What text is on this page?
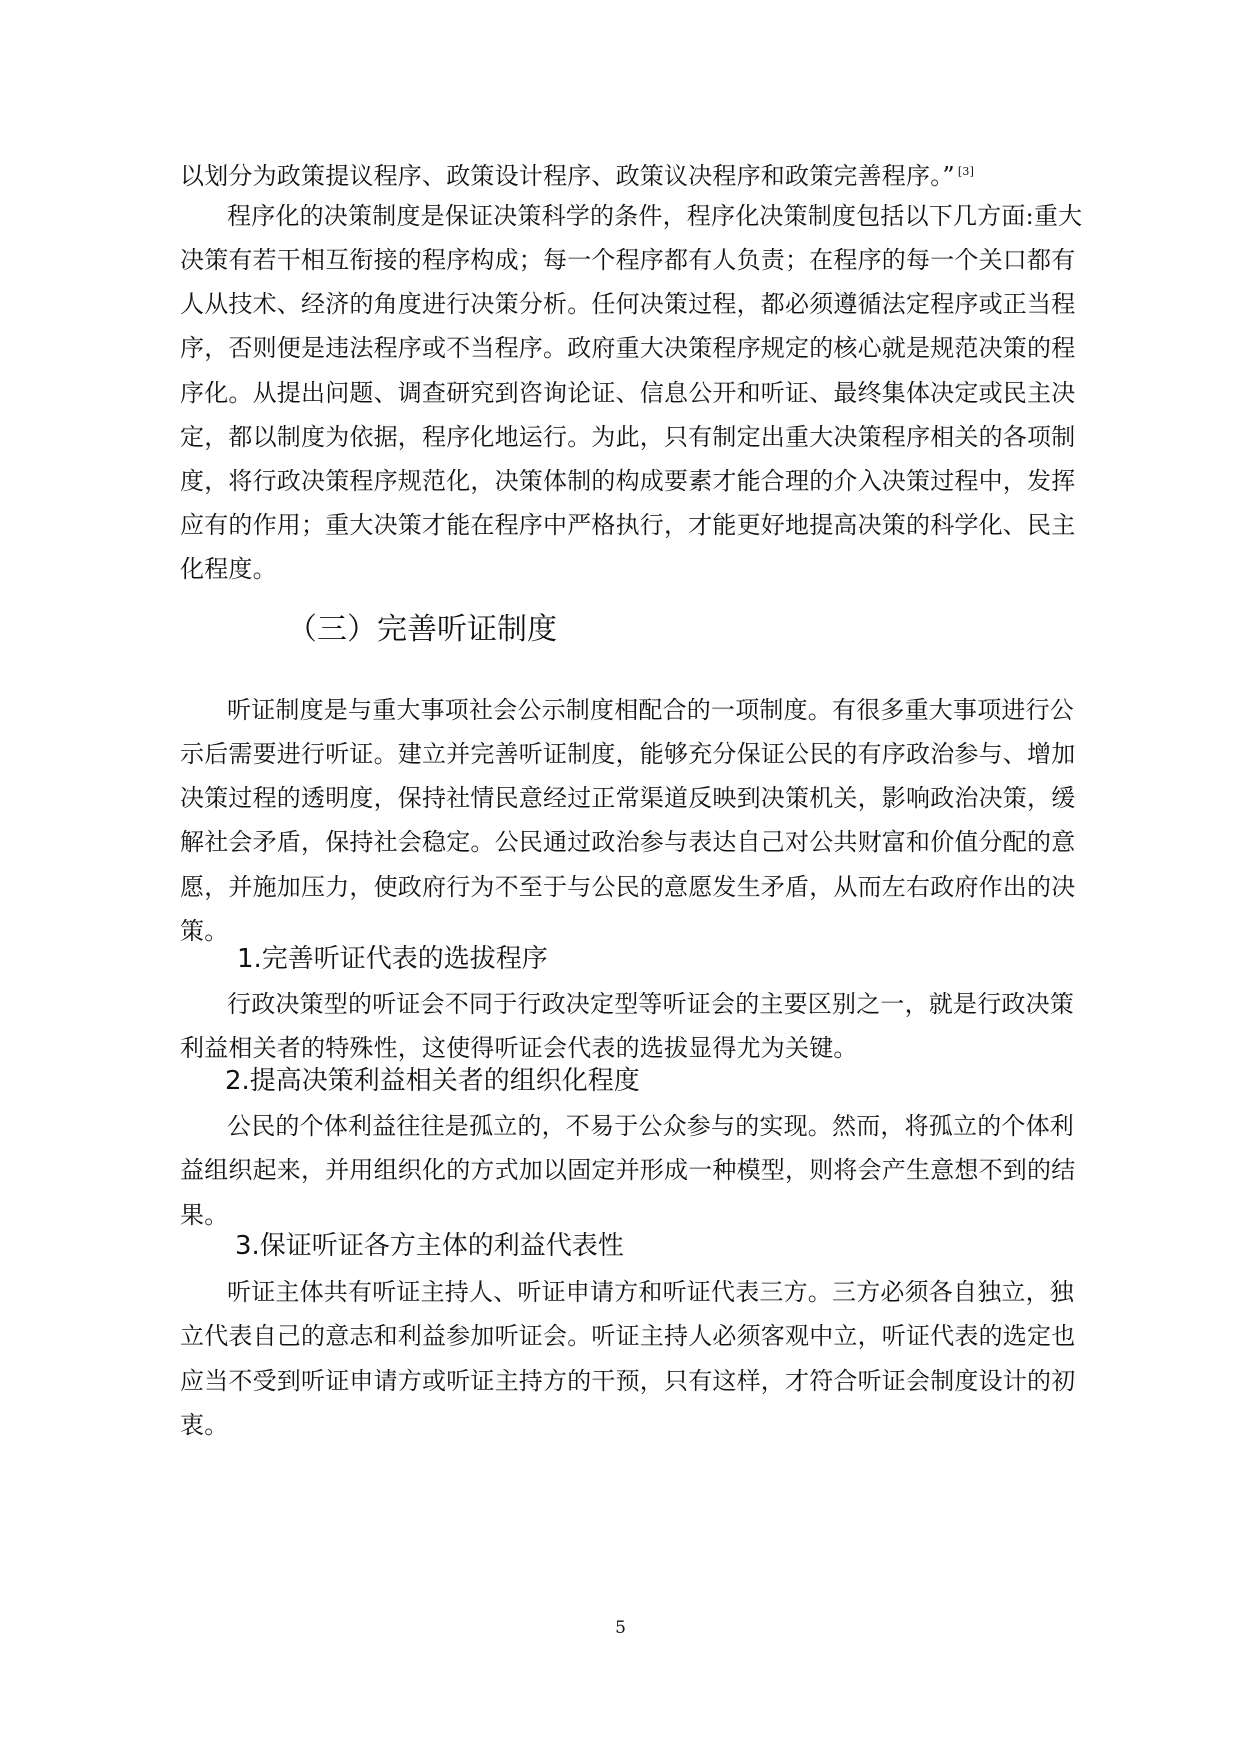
以划分为政策提议程序、政策设计程序、政策议决程序和政策完善程序。” [3]
程序化的决策制度是保证决策科学的条件，程序化决策制度包括以下几方面:重大
决策有若干相互衔接的程序构成；每一个程序都有人负责；在程序的每一个关口都有
人从技术、经济的角度进行决策分析。任何决策过程，都必须遵循法定程序或正当程
序，否则便是违法程序或不当程序。政府重大决策程序规定的核心就是规范决策的程
序化。从提出问题、调查研究到咨询论证、信息公开和听证、最终集体决定或民主决
定，都以制度为依据，程序化地运行。为此，只有制定出重大决策程序相关的各项制
度，将行政决策程序规范化，决策体制的构成要素才能合理的介入决策过程中，发挥
应有的作用；重大决策才能在程序中严格执行，才能更好地提高决策的科学化、民主
化程度。
（三）完善听证制度
听证制度是与重大事项社会公示制度相配合的一项制度。有很多重大事项进行公
示后需要进行听证。建立并完善听证制度，能够充分保证公民的有序政治参与、增加
决策过程的透明度，保持社情民意经过正常渠道反映到决策机关，影响政治决策，缓
解社会矛盾，保持社会稳定。公民通过政治参与表达自己对公共财富和价值分配的意
愿，并施加压力，使政府行为不至于与公民的意愿发生矛盾，从而左右政府作出的决
策。
1.完善听证代表的选拔程序
行政决策型的听证会不同于行政决定型等听证会的主要区别之一，就是行政决策
利益相关者的特殊性，这使得听证会代表的选拔显得尤为关键。
2.提高决策利益相关者的组织化程度
公民的个体利益往往是孤立的，不易于公众参与的实现。然而，将孤立的个体利
益组织起来，并用组织化的方式加以固定并形成一种模型，则将会产生意想不到的结
果。
3.保证听证各方主体的利益代表性
听证主体共有听证主持人、听证申请方和听证代表三方。三方必须各自独立，独
立代表自己的意志和利益参加听证会。听证主持人必须客观中立，听证代表的选定也
应当不受到听证申请方或听证主持方的干预，只有这样，才符合听证会制度设计的初
衷。
5
